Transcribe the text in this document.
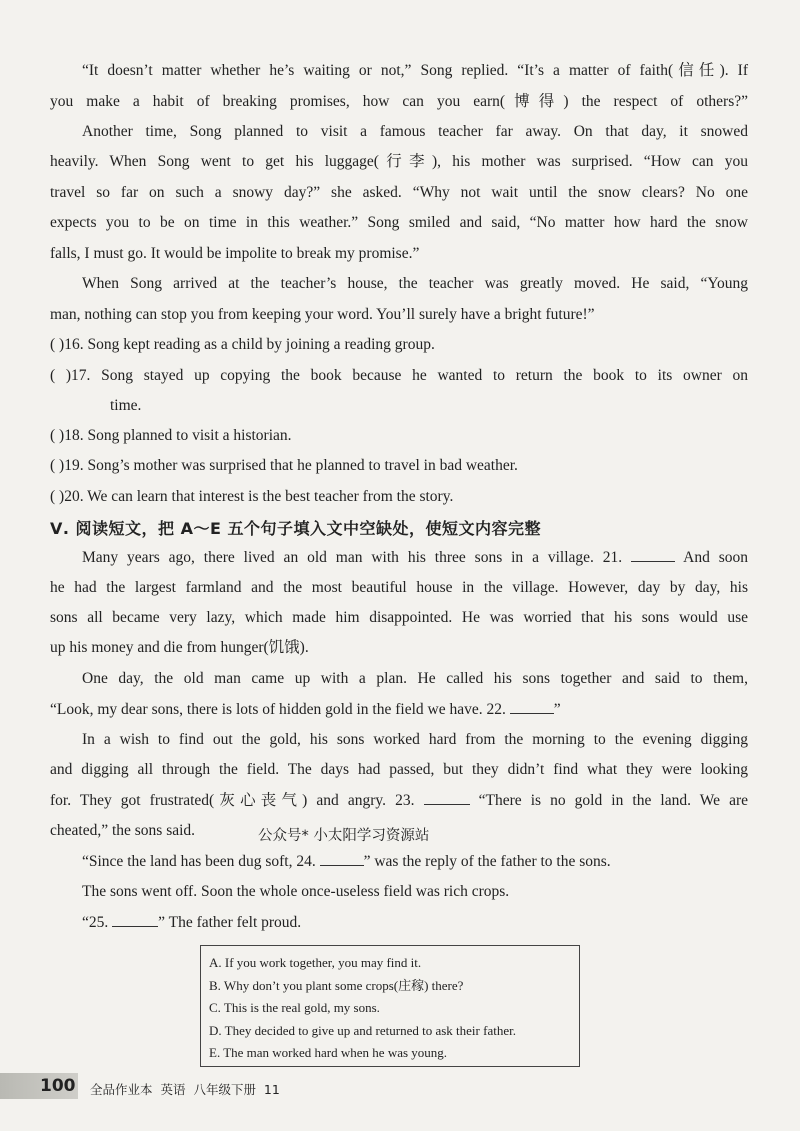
“It doesn’t matter whether he’s waiting or not,” Song replied. “It’s a matter of faith(信任). If
you make a habit of breaking promises, how can you earn(博得) the respect of others?”
Another time, Song planned to visit a famous teacher far away. On that day, it snowed
heavily. When Song went to get his luggage(行李), his mother was surprised. “How can you
travel so far on such a snowy day?” she asked. “Why not wait until the snow clears? No one
expects you to be on time in this weather.” Song smiled and said, “No matter how hard the snow
falls, I must go. It would be impolite to break my promise.”
When Song arrived at the teacher’s house, the teacher was greatly moved. He said, “Young
man, nothing can stop you from keeping your word. You’ll surely have a bright future!”
( )16. Song kept reading as a child by joining a reading group.
( )17. Song stayed up copying the book because he wanted to return the book to its owner on
time.
( )18. Song planned to visit a historian.
( )19. Song’s mother was surprised that he planned to travel in bad weather.
( )20. We can learn that interest is the best teacher from the story.
Ⅴ. 阅读短文，把 A～E 五个句子填入文中空缺处，使短文内容完整
Many years ago, there lived an old man with his three sons in a village. 21.	And soon
he had the largest farmland and the most beautiful house in the village. However, day by day, his
sons all became very lazy, which made him disappointed. He was worried that his sons would use
up his money and die from hunger(饥饿).
One day, the old man came up with a plan. He called his sons together and said to them,
“Look, my dear sons, there is lots of hidden gold in the field we have. 22.	”
In a wish to find out the gold, his sons worked hard from the morning to the evening digging
and digging all through the field. The days had passed, but they didn’t find what they were looking
for. They got frustrated(灰心丧气) and angry. 23.	“There is no gold in the land. We are
cheated,” the sons said.	公众号* 小太阳学习资源站
“Since the land has been dug soft, 24.	” was the reply of the father to the sons.
The sons went off. Soon the whole once-useless field was rich crops.
“25.	” The father felt proud.
A. If you work together, you may find it.
B. Why don’t you plant some crops(庄稼) there?
C. This is the real gold, my sons.
D. They decided to give up and returned to ask their father.
E. The man worked hard when he was young.
100 全品作业本 英语 八年级下册 11
